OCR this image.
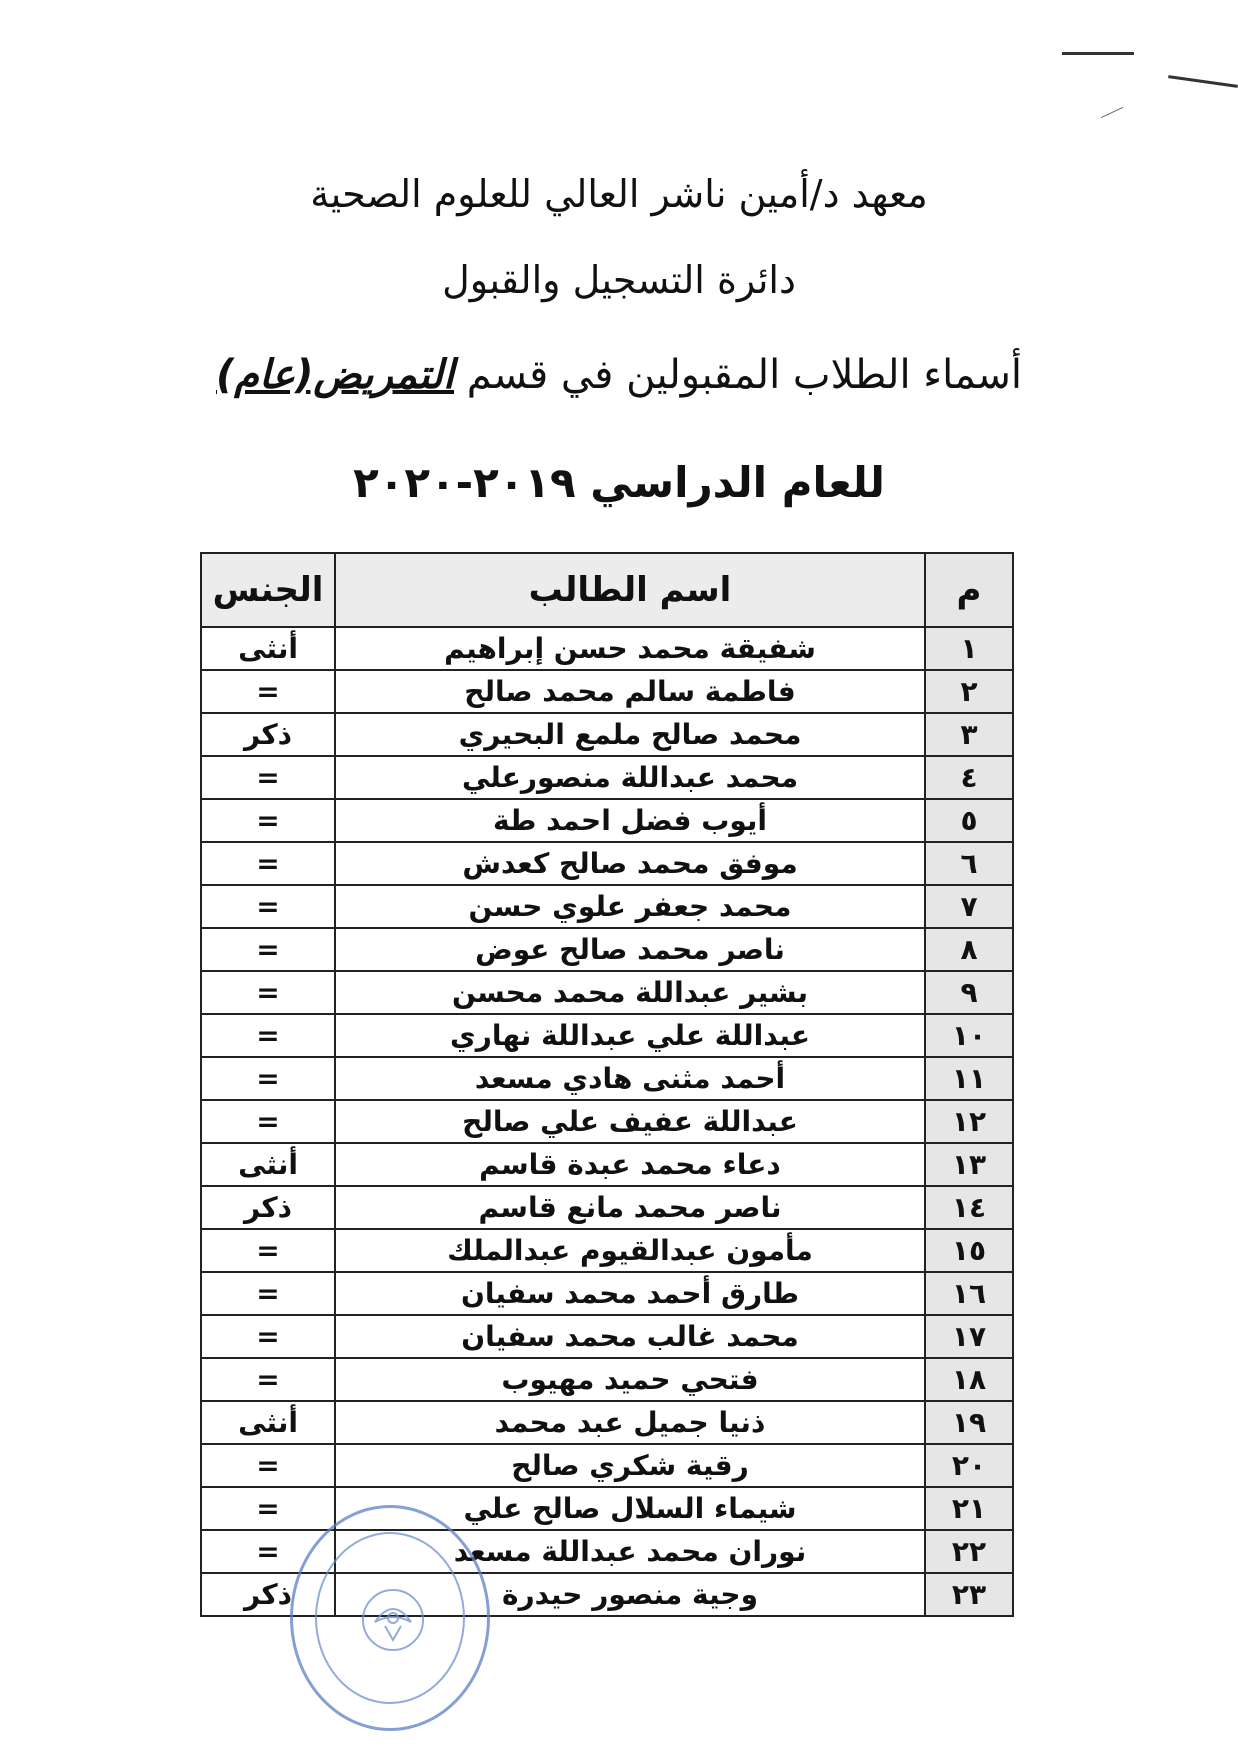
معهد د/أمين ناشر العالي للعلوم الصحية
دائرة التسجيل والقبول
أسماء الطلاب المقبولين في قسم التمريض(عام)
للعام الدراسي ٢٠١٩-٢٠٢٠
م	اسم الطالب	الجنس
١	شفيقة محمد حسن إبراهيم	أنثى
٢	فاطمة سالم محمد صالح	=
٣	محمد صالح ملمع البحيري	ذكر
٤	محمد عبداللة منصورعلي	=
٥	أيوب فضل احمد طة	=
٦	موفق محمد صالح كعدش	=
٧	محمد جعفر علوي حسن	=
٨	ناصر محمد صالح عوض	=
٩	بشير عبداللة محمد محسن	=
١٠	عبداللة علي عبداللة نهاري	=
١١	أحمد مثنى هادي مسعد	=
١٢	عبداللة عفيف علي صالح	=
١٣	دعاء محمد عبدة قاسم	أنثى
١٤	ناصر محمد مانع قاسم	ذكر
١٥	مأمون عبدالقيوم عبدالملك	=
١٦	طارق أحمد محمد سفيان	=
١٧	محمد غالب محمد سفيان	=
١٨	فتحي حميد مهيوب	=
١٩	ذنيا جميل عبد محمد	أنثى
٢٠	رقية شكري صالح	=
٢١	شيماء السلال صالح علي	=
٢٢	نوران محمد عبداللة مسعد	=
٢٣	وجية منصور حيدرة	ذكر
